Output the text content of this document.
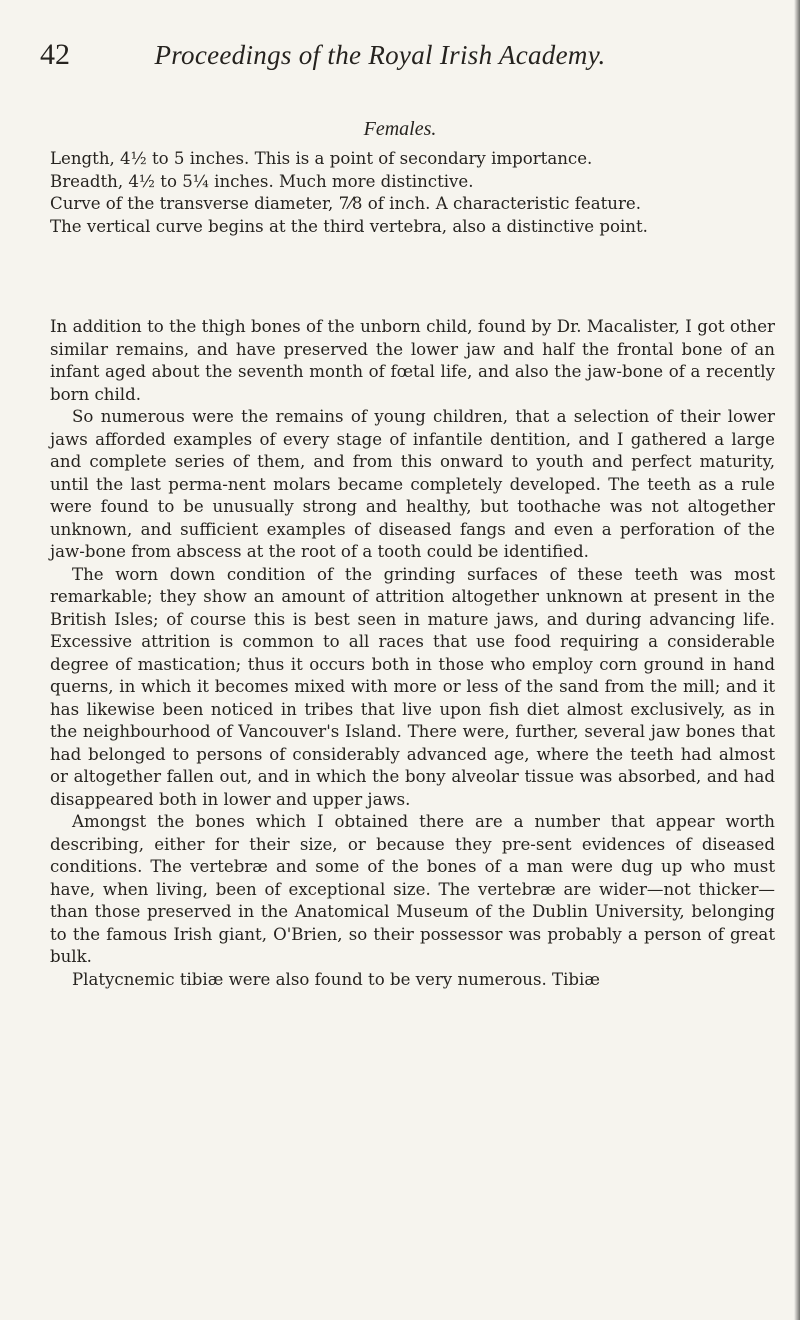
42	Proceedings of the Royal Irish Academy.
Females.

Length, 4½ to 5 inches. This is a point of secondary importance.

Breadth, 4½ to 5¼ inches. Much more distinctive.

Curve of the transverse diameter, 7⁄8 of inch. A characteristic feature.

The vertical curve begins at the third vertebra, also a distinctive point.

In addition to the thigh bones of the unborn child, found by Dr. Macalister, I got other similar remains, and have preserved the lower jaw and half the frontal bone of an infant aged about the seventh month of fœtal life, and also the jaw-bone of a recently born child.

So numerous were the remains of young children, that a selection of their lower jaws afforded examples of every stage of infantile dentition, and I gathered a large and complete series of them, and from this onward to youth and perfect maturity, until the last perma-nent molars became completely developed. The teeth as a rule were found to be unusually strong and healthy, but toothache was not altogether unknown, and sufficient examples of diseased fangs and even a perforation of the jaw-bone from abscess at the root of a tooth could be identified.

The worn down condition of the grinding surfaces of these teeth was most remarkable; they show an amount of attrition altogether unknown at present in the British Isles; of course this is best seen in mature jaws, and during advancing life. Excessive attrition is common to all races that use food requiring a considerable degree of mastication; thus it occurs both in those who employ corn ground in hand querns, in which it becomes mixed with more or less of the sand from the mill; and it has likewise been noticed in tribes that live upon fish diet almost exclusively, as in the neighbourhood of Vancouver's Island. There were, further, several jaw bones that had belonged to persons of considerably advanced age, where the teeth had almost or altogether fallen out, and in which the bony alveolar tissue was absorbed, and had disappeared both in lower and upper jaws.

Amongst the bones which I obtained there are a number that appear worth describing, either for their size, or because they pre-sent evidences of diseased conditions. The vertebræ and some of the bones of a man were dug up who must have, when living, been of exceptional size. The vertebræ are wider—not thicker—than those preserved in the Anatomical Museum of the Dublin University, belonging to the famous Irish giant, O'Brien, so their possessor was probably a person of great bulk.

Platycnemic tibiæ were also found to be very numerous. Tibiæ
